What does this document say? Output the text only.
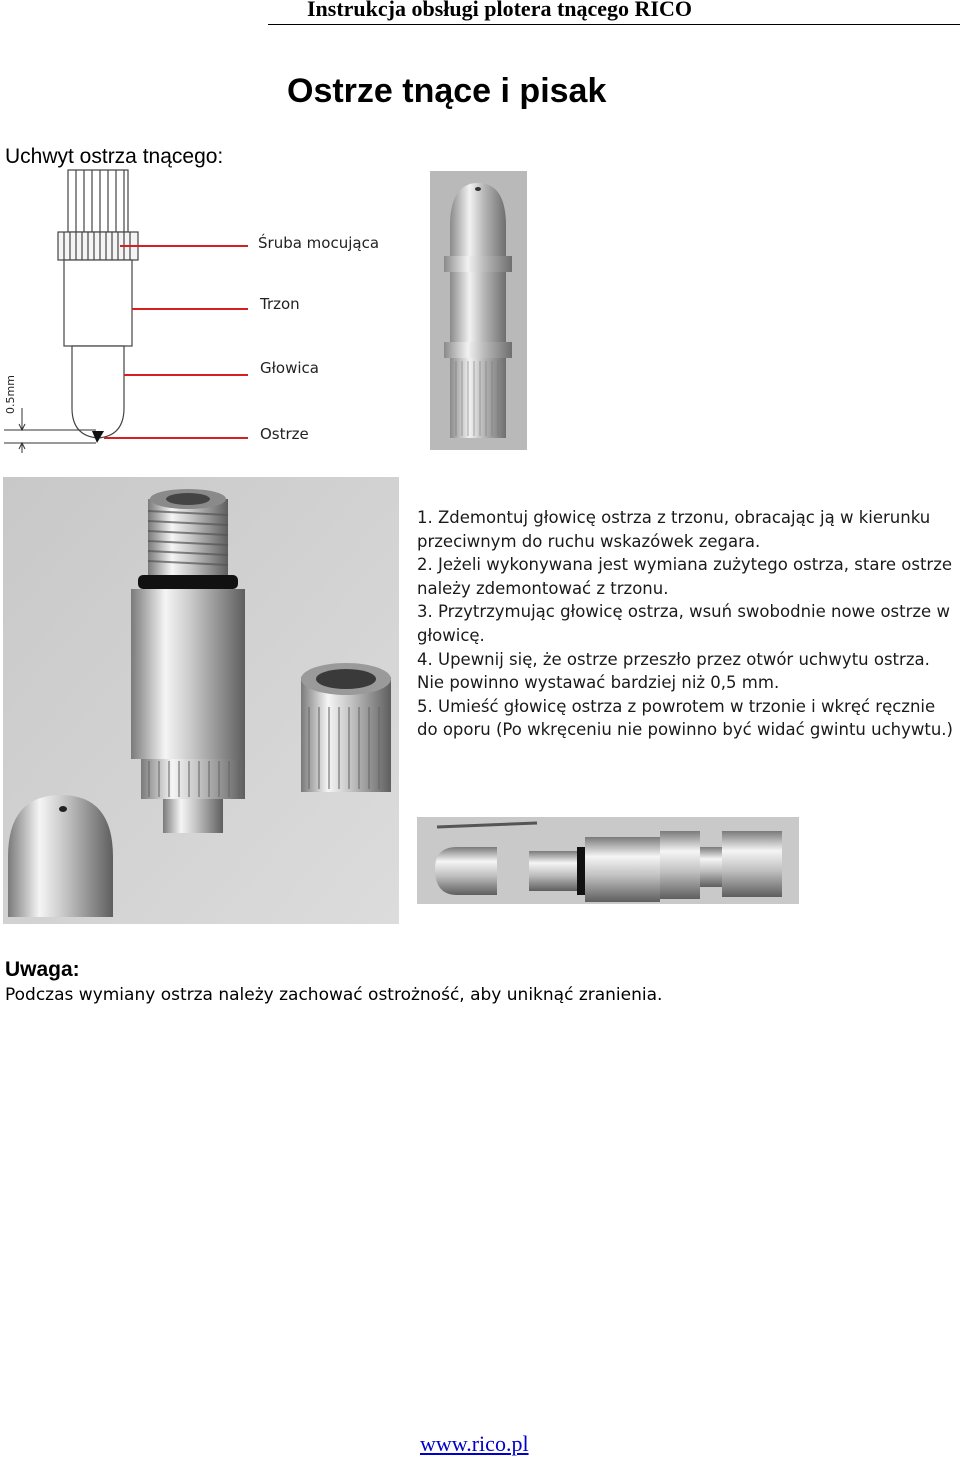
Instrukcja obsługi plotera tnącego RICO
Ostrze tnące i pisak
Uchwyt ostrza tnącego:
0.5mm
Śruba mocująca
Trzon
Głowica
Ostrze
1. Zdemontuj głowicę ostrza z trzonu, obracając ją w kierunku przeciwnym do ruchu wskazówek zegara.
2. Jeżeli wykonywana jest wymiana zużytego ostrza, stare ostrze należy zdemontować z trzonu.
3. Przytrzymując głowicę ostrza, wsuń swobodnie nowe ostrze w głowicę.
4. Upewnij się, że ostrze przeszło przez otwór uchwytu ostrza. Nie powinno wystawać bardziej niż 0,5 mm.
5. Umieść głowicę ostrza z powrotem w trzonie i wkręć ręcznie do oporu (Po wkręceniu nie powinno być widać gwintu uchywtu.)
Uwaga:
Podczas wymiany ostrza należy zachować ostrożność, aby uniknąć zranienia.
www.rico.pl
